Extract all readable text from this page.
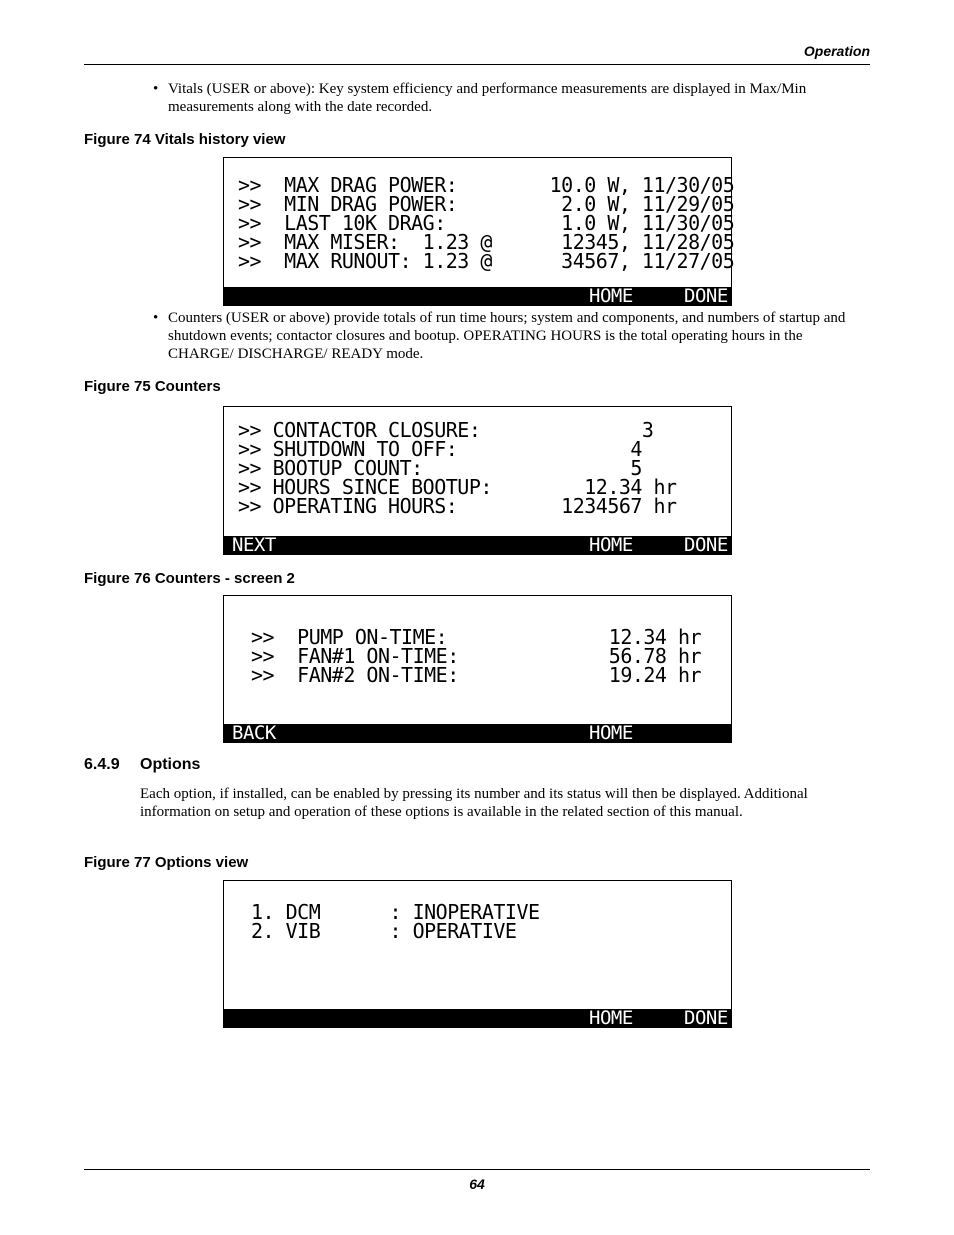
Operation
• Vitals (USER or above): Key system efficiency and performance measurements are displayed in Max/Min measurements along with the date recorded.
Figure 74 Vitals history view
>>  MAX DRAG POWER:        10.0 W, 11/30/05
>>  MIN DRAG POWER:         2.0 W, 11/29/05
>>  LAST 10K DRAG:          1.0 W, 11/30/05
>>  MAX MISER:  1.23 @      12345, 11/28/05
>>  MAX RUNOUT: 1.23 @      34567, 11/27/05
HOME	DONE
• Counters (USER or above) provide totals of run time hours; system and components, and numbers of startup and shutdown events; contactor closures and bootup. OPERATING HOURS is the total operating hours in the CHARGE/ DISCHARGE/ READY mode.
Figure 75 Counters
>> CONTACTOR CLOSURE:              3
>> SHUTDOWN TO OFF:               4
>> BOOTUP COUNT:                  5
>> HOURS SINCE BOOTUP:        12.34 hr
>> OPERATING HOURS:         1234567 hr
NEXT	HOME	DONE
Figure 76 Counters - screen 2
>>  PUMP ON-TIME:              12.34 hr
>>  FAN#1 ON-TIME:             56.78 hr
>>  FAN#2 ON-TIME:             19.24 hr
BACK	HOME
6.4.9 Options
Each option, if installed, can be enabled by pressing its number and its status will then be displayed. Additional information on setup and operation of these options is available in the related section of this manual.
Figure 77 Options view
1. DCM      : INOPERATIVE
2. VIB      : OPERATIVE
HOME	DONE
64
